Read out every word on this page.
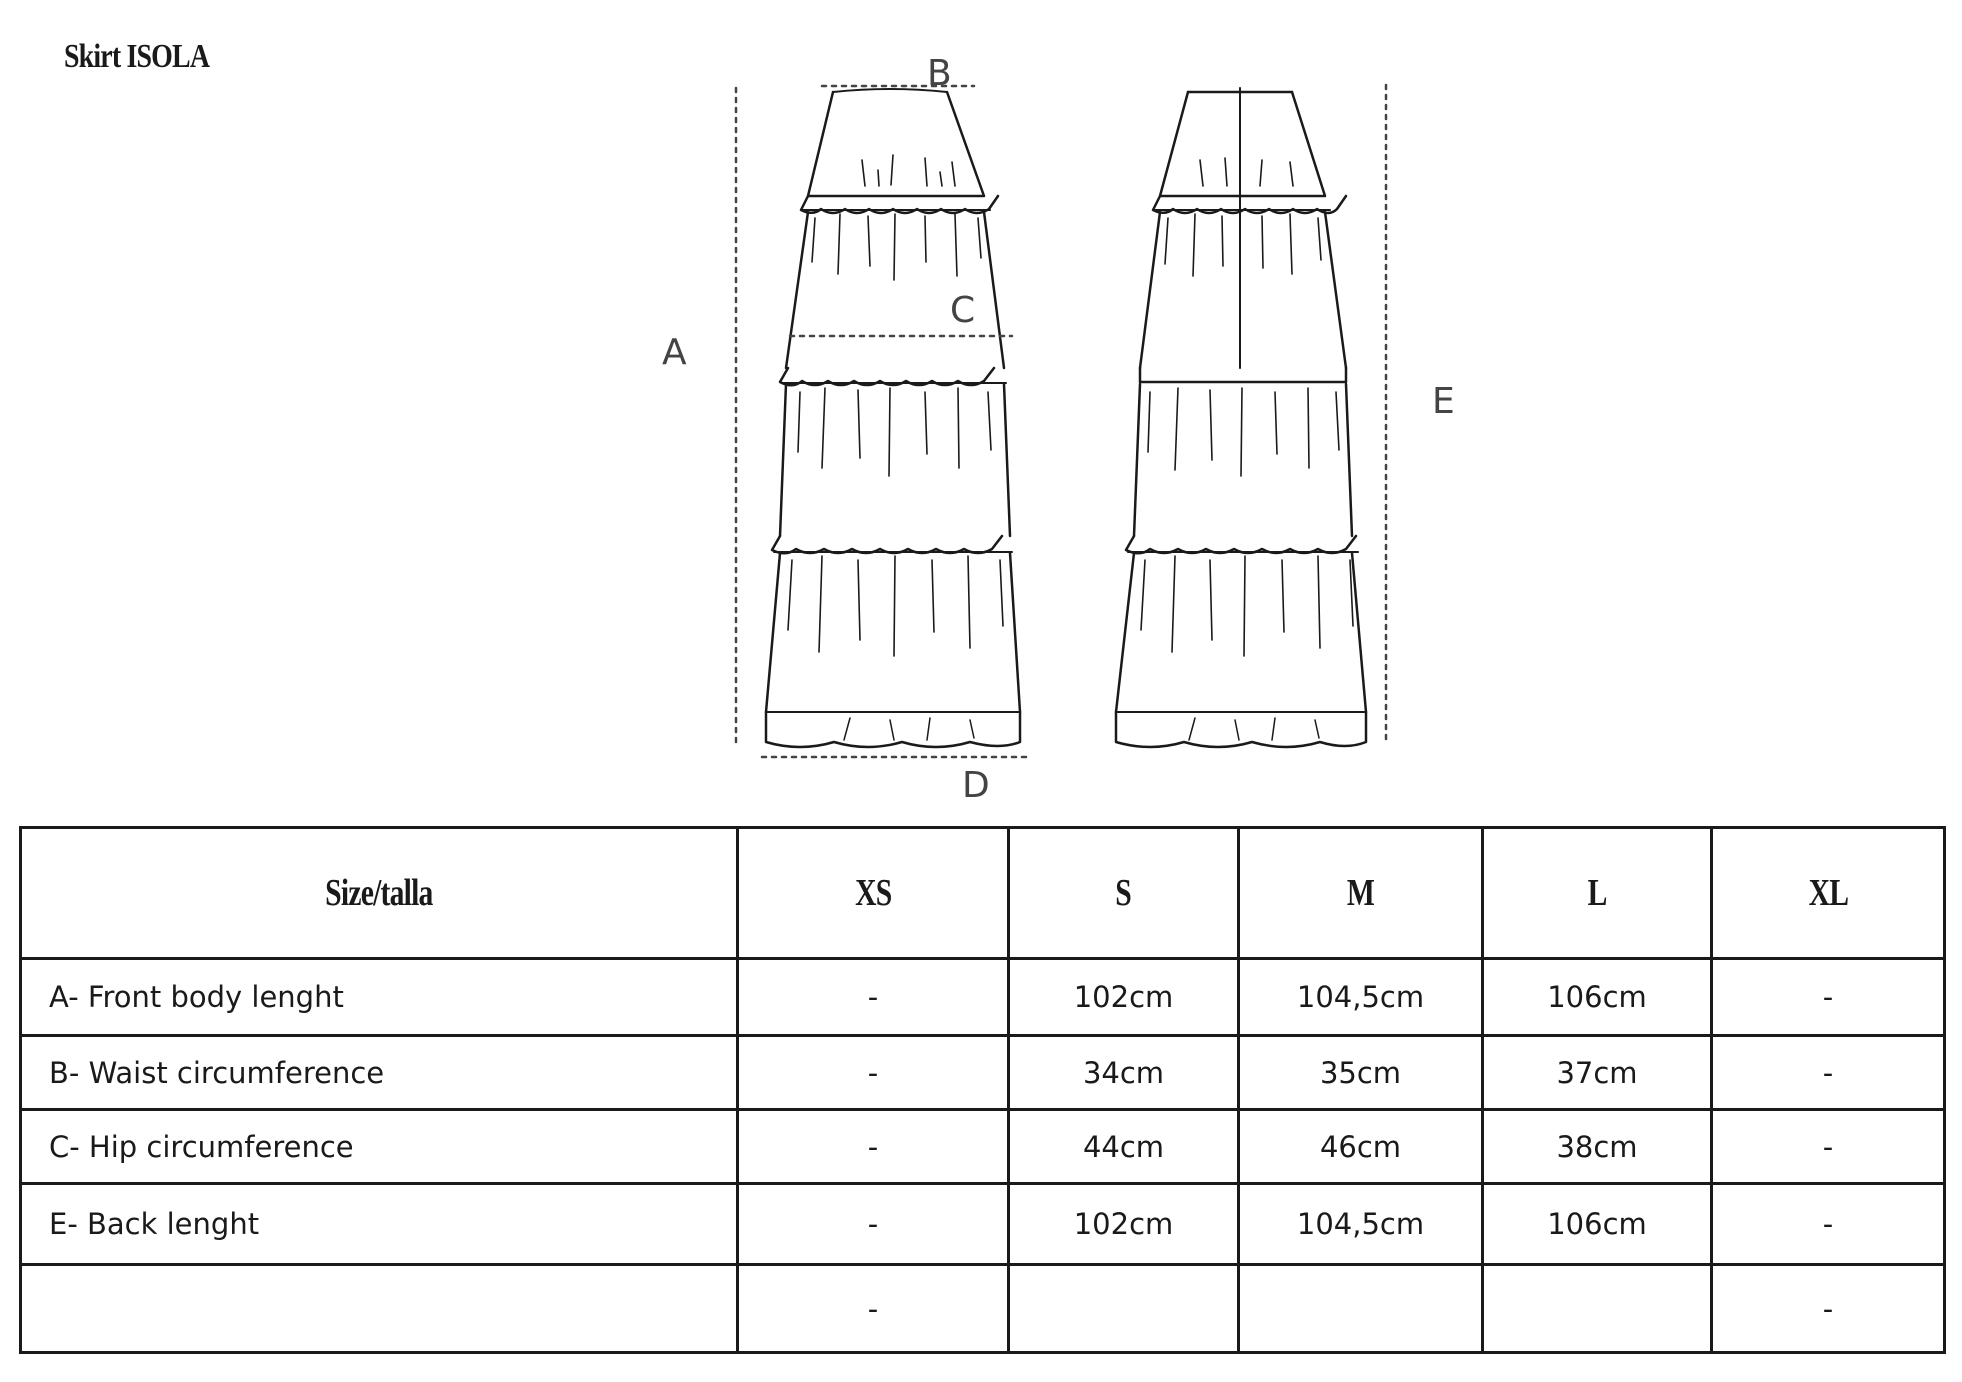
Skirt ISOLA
A
B
C
D
E
Size/talla	XS	S	M	L	XL
A- Front body lenght	-	102cm	104,5cm	106cm	-
B- Waist circumference	-	34cm	35cm	37cm	-
C- Hip circumference	-	44cm	46cm	38cm	-
E- Back lenght	-	102cm	104,5cm	106cm	-
	-				-
